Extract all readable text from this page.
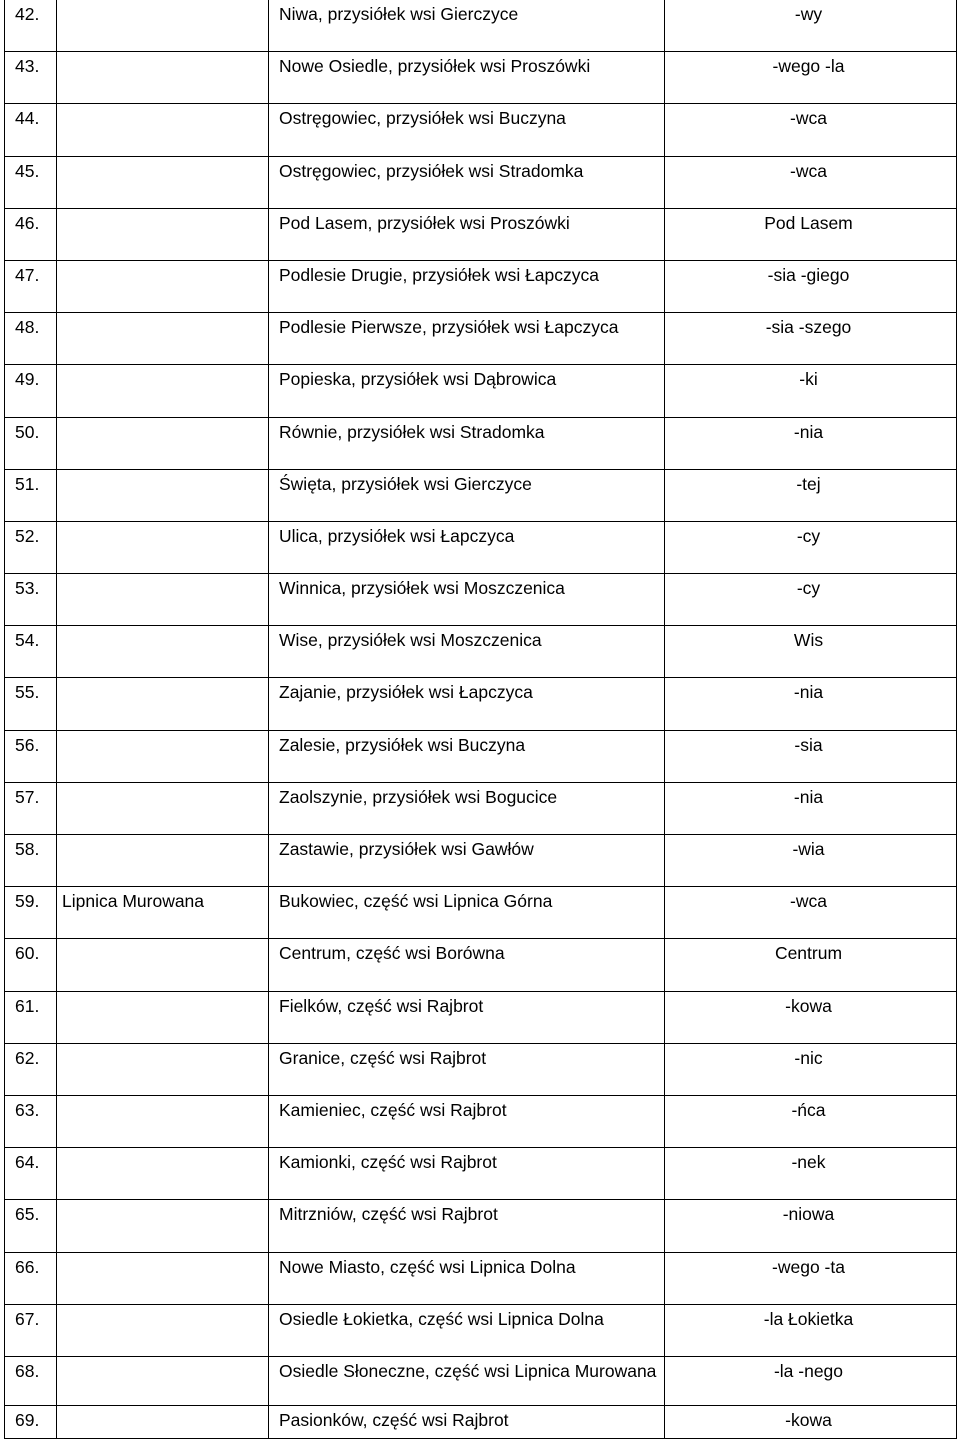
42.		Niwa, przysiółek wsi Gierczyce	-wy

43.		Nowe Osiedle, przysiółek wsi Proszówki	-wego -la

44.		Ostręgowiec, przysiółek wsi Buczyna	-wca

45.		Ostręgowiec, przysiółek wsi Stradomka	-wca

46.		Pod Lasem, przysiółek wsi Proszówki	Pod Lasem

47.		Podlesie Drugie, przysiółek wsi Łapczyca	-sia -giego

48.		Podlesie Pierwsze, przysiółek wsi Łapczyca	-sia -szego

49.		Popieska, przysiółek wsi Dąbrowica	-ki

50.		Równie, przysiółek wsi Stradomka	-nia

51.		Święta, przysiółek wsi Gierczyce	-tej

52.		Ulica, przysiółek wsi Łapczyca	-cy

53.		Winnica, przysiółek wsi Moszczenica	-cy

54.		Wise, przysiółek wsi Moszczenica	Wis

55.		Zajanie, przysiółek wsi Łapczyca	-nia

56.		Zalesie, przysiółek wsi Buczyna	-sia

57.		Zaolszynie, przysiółek wsi Bogucice	-nia

58.		Zastawie, przysiółek wsi Gawłów	-wia

59.	Lipnica Murowana	Bukowiec, część wsi Lipnica Górna	-wca

60.		Centrum, część wsi Borówna	Centrum

61.		Fielków, część wsi Rajbrot	-kowa

62.		Granice, część wsi Rajbrot	-nic

63.		Kamieniec, część wsi Rajbrot	-ńca

64.		Kamionki, część wsi Rajbrot	-nek

65.		Mitrzniów, część wsi Rajbrot	-niowa

66.		Nowe Miasto, część wsi Lipnica Dolna	-wego -ta

67.		Osiedle Łokietka, część wsi Lipnica Dolna	-la Łokietka

68.		Osiedle Słoneczne, część wsi Lipnica Murowana	-la -nego

69.		Pasionków, część wsi Rajbrot	-kowa
